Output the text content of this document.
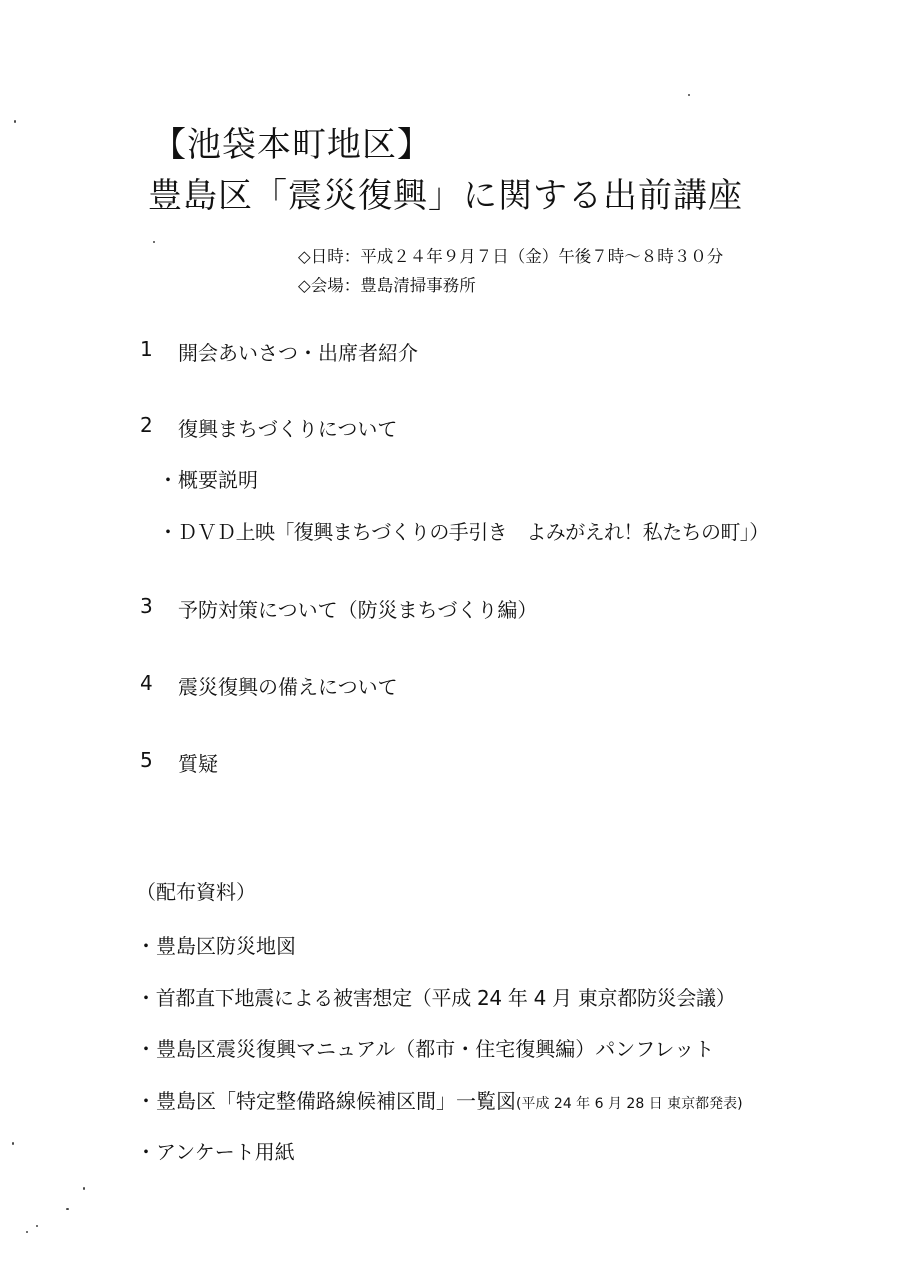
【池袋本町地区】
豊島区「震災復興」に関する出前講座
◇日時：平成２４年９月７日（金）午後７時～８時３０分
◇会場：豊島清掃事務所
1 開会あいさつ・出席者紹介
2 復興まちづくりについて
・概要説明
・ＤＶＤ上映「復興まちづくりの手引き　よみがえれ！私たちの町」）
3 予防対策について（防災まちづくり編）
4 震災復興の備えについて
5 質疑
（配布資料）
・豊島区防災地図
・首都直下地震による被害想定（平成 24 年 4 月 東京都防災会議）
・豊島区震災復興マニュアル（都市・住宅復興編）パンフレット
・豊島区「特定整備路線候補区間」一覧図(平成 24 年 6 月 28 日 東京都発表)
・アンケート用紙
